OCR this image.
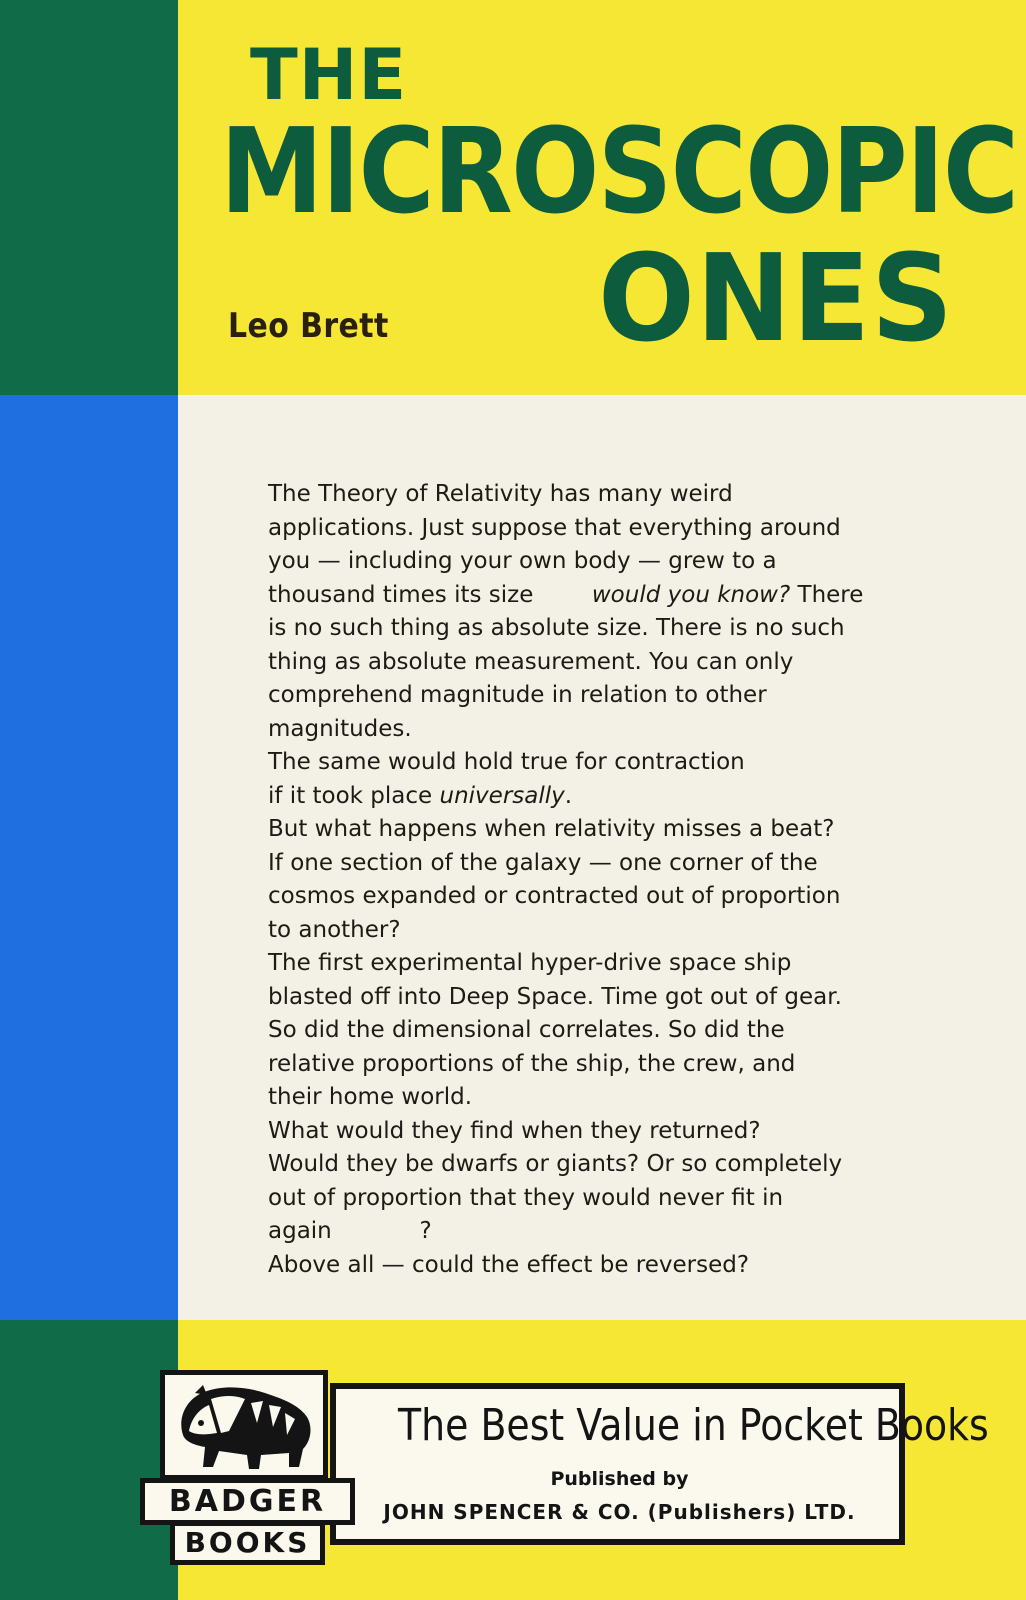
THE
MICROSCOPIC
ONES
Leo Brett

The Theory of Relativity has many weird

applications. Just suppose that everything around

you — including your own body — grew to a

thousand times its size	would you know? There

is no such thing as absolute size. There is no such

thing as absolute measurement. You can only

comprehend magnitude in relation to other

magnitudes.

The same would hold true for contraction

if it took place universally.

But what happens when relativity misses a beat?

If one section of the galaxy — one corner of the

cosmos expanded or contracted out of proportion

to another?

The first experimental hyper-drive space ship

blasted off into Deep Space. Time got out of gear.

So did the dimensional correlates. So did the

relative proportions of the ship, the crew, and

their home world.

What would they find when they returned?

Would they be dwarfs or giants? Or so completely

out of proportion that they would never fit in

again	?

Above all — could the effect be reversed?

The Best Value in Pocket Books
Published by
JOHN SPENCER & CO. (Publishers) LTD.
BADGER
BOOKS
